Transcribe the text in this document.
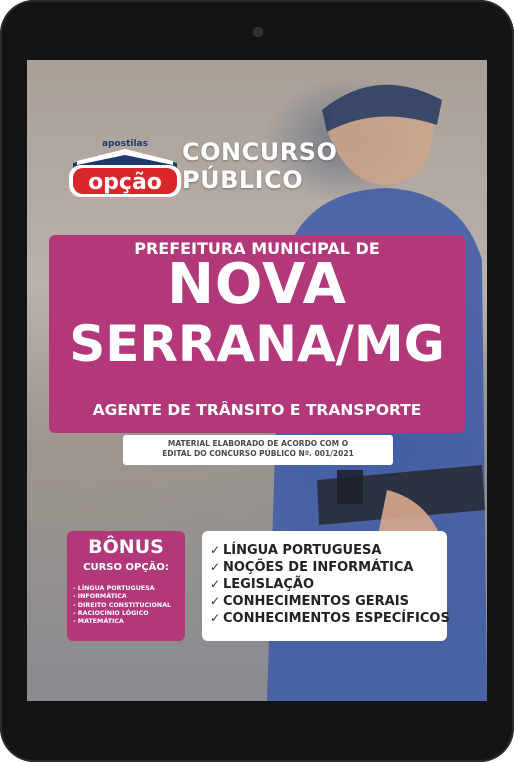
apostilas
opção
CONCURSO PÚBLICO
PREFEITURA MUNICIPAL DE
NOVA
SERRANA/MG
AGENTE DE TRÂNSITO E TRANSPORTE
MATERIAL ELABORADO DE ACORDO COM O
EDITAL DO CONCURSO PÚBLICO Nº. 001/2021
BÔNUS
CURSO OPÇÃO:
- LÍNGUA PORTUGUESA
- INFORMÁTICA
- DIREITO CONSTITUCIONAL
- RACIOCÍNIO LÓGICO
- MATEMÁTICA
✓ LÍNGUA PORTUGUESA
✓ NOÇÕES DE INFORMÁTICA
✓ LEGISLAÇÃO
✓ CONHECIMENTOS GERAIS
✓ CONHECIMENTOS ESPECÍFICOS
